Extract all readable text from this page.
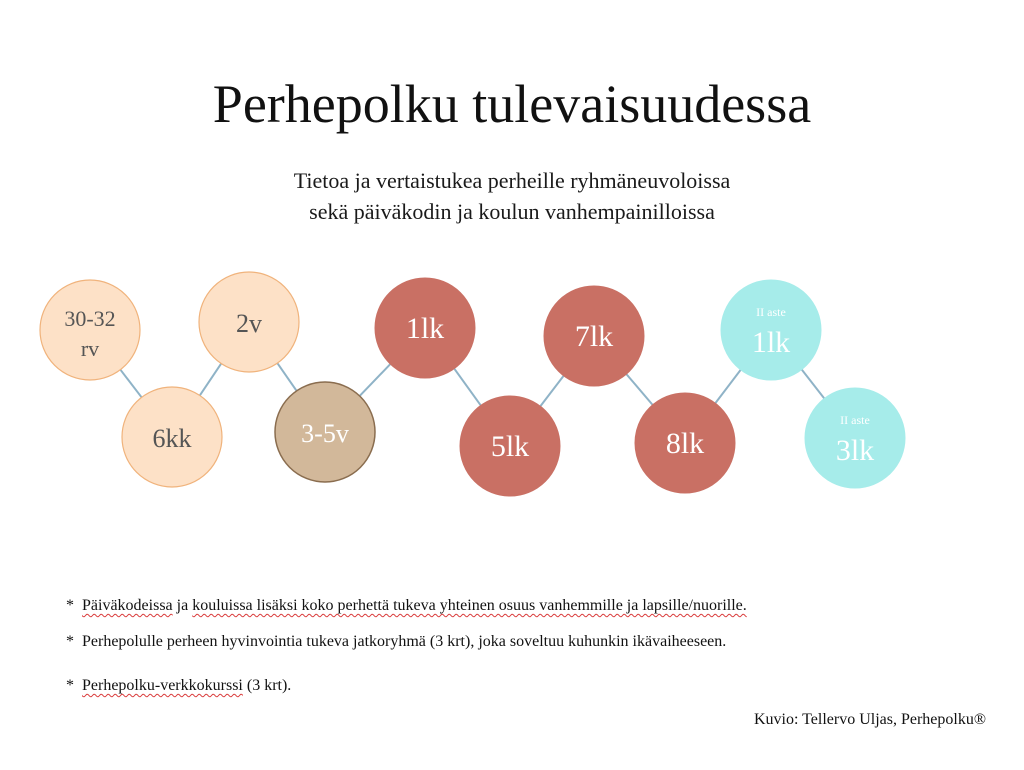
Perhepolku tulevaisuudessa
Tietoa ja vertaistukea perheille ryhmäneuvoloissa
sekä päiväkodin ja koulun vanhempainilloissa
30-32
rv
6kk
2v
3-5v
1lk
5lk
7lk
8lk
II aste
1lk
II aste
3lk
* Päiväkodeissa ja kouluissa lisäksi koko perhettä tukeva yhteinen osuus vanhemmille ja lapsille/nuorille.
* Perhepolulle perheen hyvinvointia tukeva jatkoryhmä (3 krt), joka soveltuu kuhunkin ikävaiheeseen.
* Perhepolku-verkkokurssi (3 krt).
Kuvio: Tellervo Uljas, Perhepolku®
